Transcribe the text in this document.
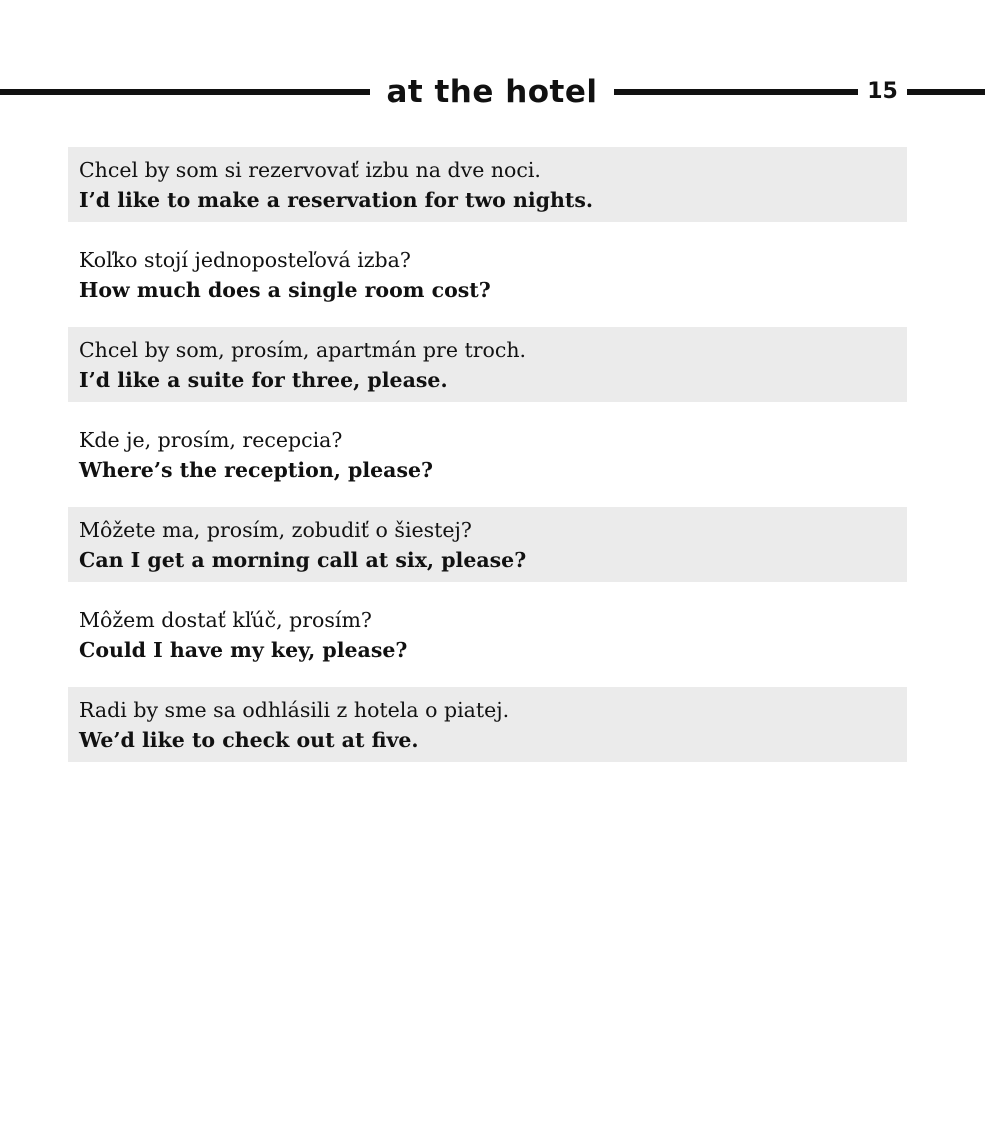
at the hotel	15
Chcel by som si rezervovať izbu na dve noci.
I’d like to make a reservation for two nights.
Koľko stojí jednoposteľová izba?
How much does a single room cost?
Chcel by som, prosím, apartmán pre troch.
I’d like a suite for three, please.
Kde je, prosím, recepcia?
Where’s the reception, please?
Môžete ma, prosím, zobudiť o šiestej?
Can I get a morning call at six, please?
Môžem dostať kľúč, prosím?
Could I have my key, please?
Radi by sme sa odhlásili z hotela o piatej.
We’d like to check out at five.
